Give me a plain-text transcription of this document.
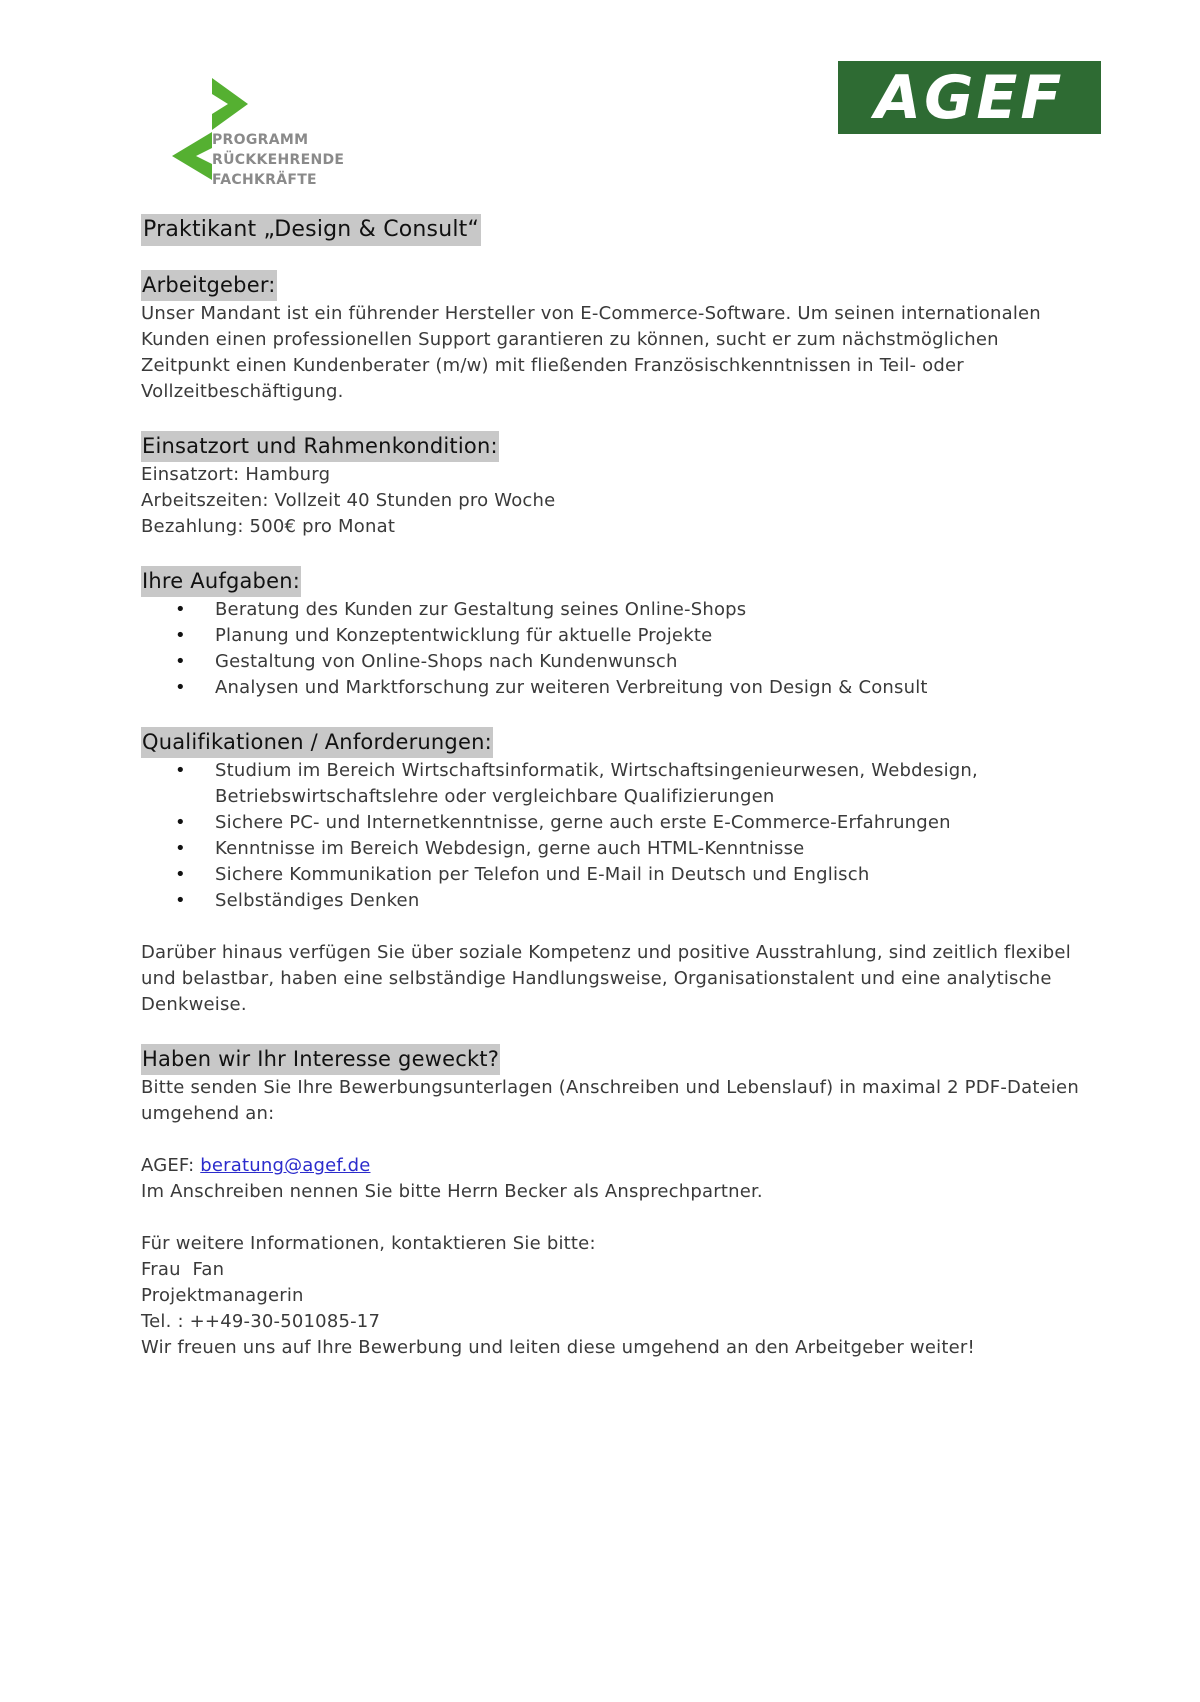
PROGRAMM
RÜCKKEHRENDE
FACHKRÄFTE
AGEF
Praktikant „Design & Consult“
Arbeitgeber:

Unser Mandant ist ein führender Hersteller von E-Commerce-Software. Um seinen internationalen Kunden einen professionellen Support garantieren zu können, sucht er zum nächstmöglichen Zeitpunkt einen Kundenberater (m/w) mit fließenden Französischkenntnissen in Teil- oder Vollzeitbeschäftigung.

Einsatzort und Rahmenkondition:

Einsatzort: Hamburg

Arbeitszeiten: Vollzeit 40 Stunden pro Woche

Bezahlung: 500€ pro Monat

Ihre Aufgaben:
• Beratung des Kunden zur Gestaltung seines Online-Shops
• Planung und Konzeptentwicklung für aktuelle Projekte
• Gestaltung von Online-Shops nach Kundenwunsch
• Analysen und Marktforschung zur weiteren Verbreitung von Design & Consult
Qualifikationen / Anforderungen:
• Studium im Bereich Wirtschaftsinformatik, Wirtschaftsingenieurwesen, Webdesign, Betriebswirtschaftslehre oder vergleichbare Qualifizierungen
• Sichere PC- und Internetkenntnisse, gerne auch erste E-Commerce-Erfahrungen
• Kenntnisse im Bereich Webdesign, gerne auch HTML-Kenntnisse
• Sichere Kommunikation per Telefon und E-Mail in Deutsch und Englisch
• Selbständiges Denken

Darüber hinaus verfügen Sie über soziale Kompetenz und positive Ausstrahlung, sind zeitlich flexibel und belastbar, haben eine selbständige Handlungsweise, Organisationstalent und eine analytische Denkweise.

Haben wir Ihr Interesse geweckt?

Bitte senden Sie Ihre Bewerbungsunterlagen (Anschreiben und Lebenslauf) in maximal 2 PDF-Dateien umgehend an:

AGEF: beratung@agef.de

Im Anschreiben nennen Sie bitte Herrn Becker als Ansprechpartner.

Für weitere Informationen, kontaktieren Sie bitte:

Frau  Fan

Projektmanagerin

Tel. : ++49-30-501085-17

Wir freuen uns auf Ihre Bewerbung und leiten diese umgehend an den Arbeitgeber weiter!
